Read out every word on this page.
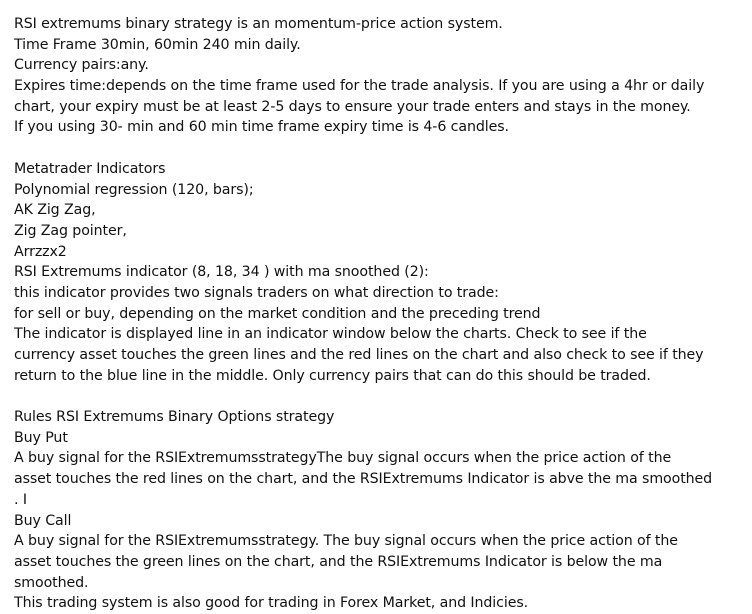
RSI extremums binary strategy is an momentum-price action system.
Time Frame 30min, 60min 240 min daily.
Currency pairs:any.
Expires time:depends on the time frame used for the trade analysis. If you are using a 4hr or daily
chart, your expiry must be at least 2-5 days to ensure your trade enters and stays in the money.
If you using 30- min and 60 min time frame expiry time is 4-6 candles.
Metatrader Indicators
Polynomial regression (120, bars);
AK Zig Zag,
Zig Zag pointer,
Arrzzx2
RSI Extremums indicator (8, 18, 34 ) with ma snoothed (2):
this indicator provides two signals traders on what direction to trade:
for sell or buy, depending on the market condition and the preceding trend
The indicator is displayed line in an indicator window below the charts. Check to see if the
currency asset touches the green lines and the red lines on the chart and also check to see if they
return to the blue line in the middle. Only currency pairs that can do this should be traded.
Rules RSI Extremums Binary Options strategy
Buy Put
A buy signal for the RSIExtremumsstrategyThe buy signal occurs when the price action of the
asset touches the red lines on the chart, and the RSIExtremums Indicator is abve the ma smoothed
. I
Buy Call
A buy signal for the RSIExtremumsstrategy. The buy signal occurs when the price action of the
asset touches the green lines on the chart, and the RSIExtremums Indicator is below the ma
smoothed.
This trading system is also good for trading in Forex Market, and Indicies.
